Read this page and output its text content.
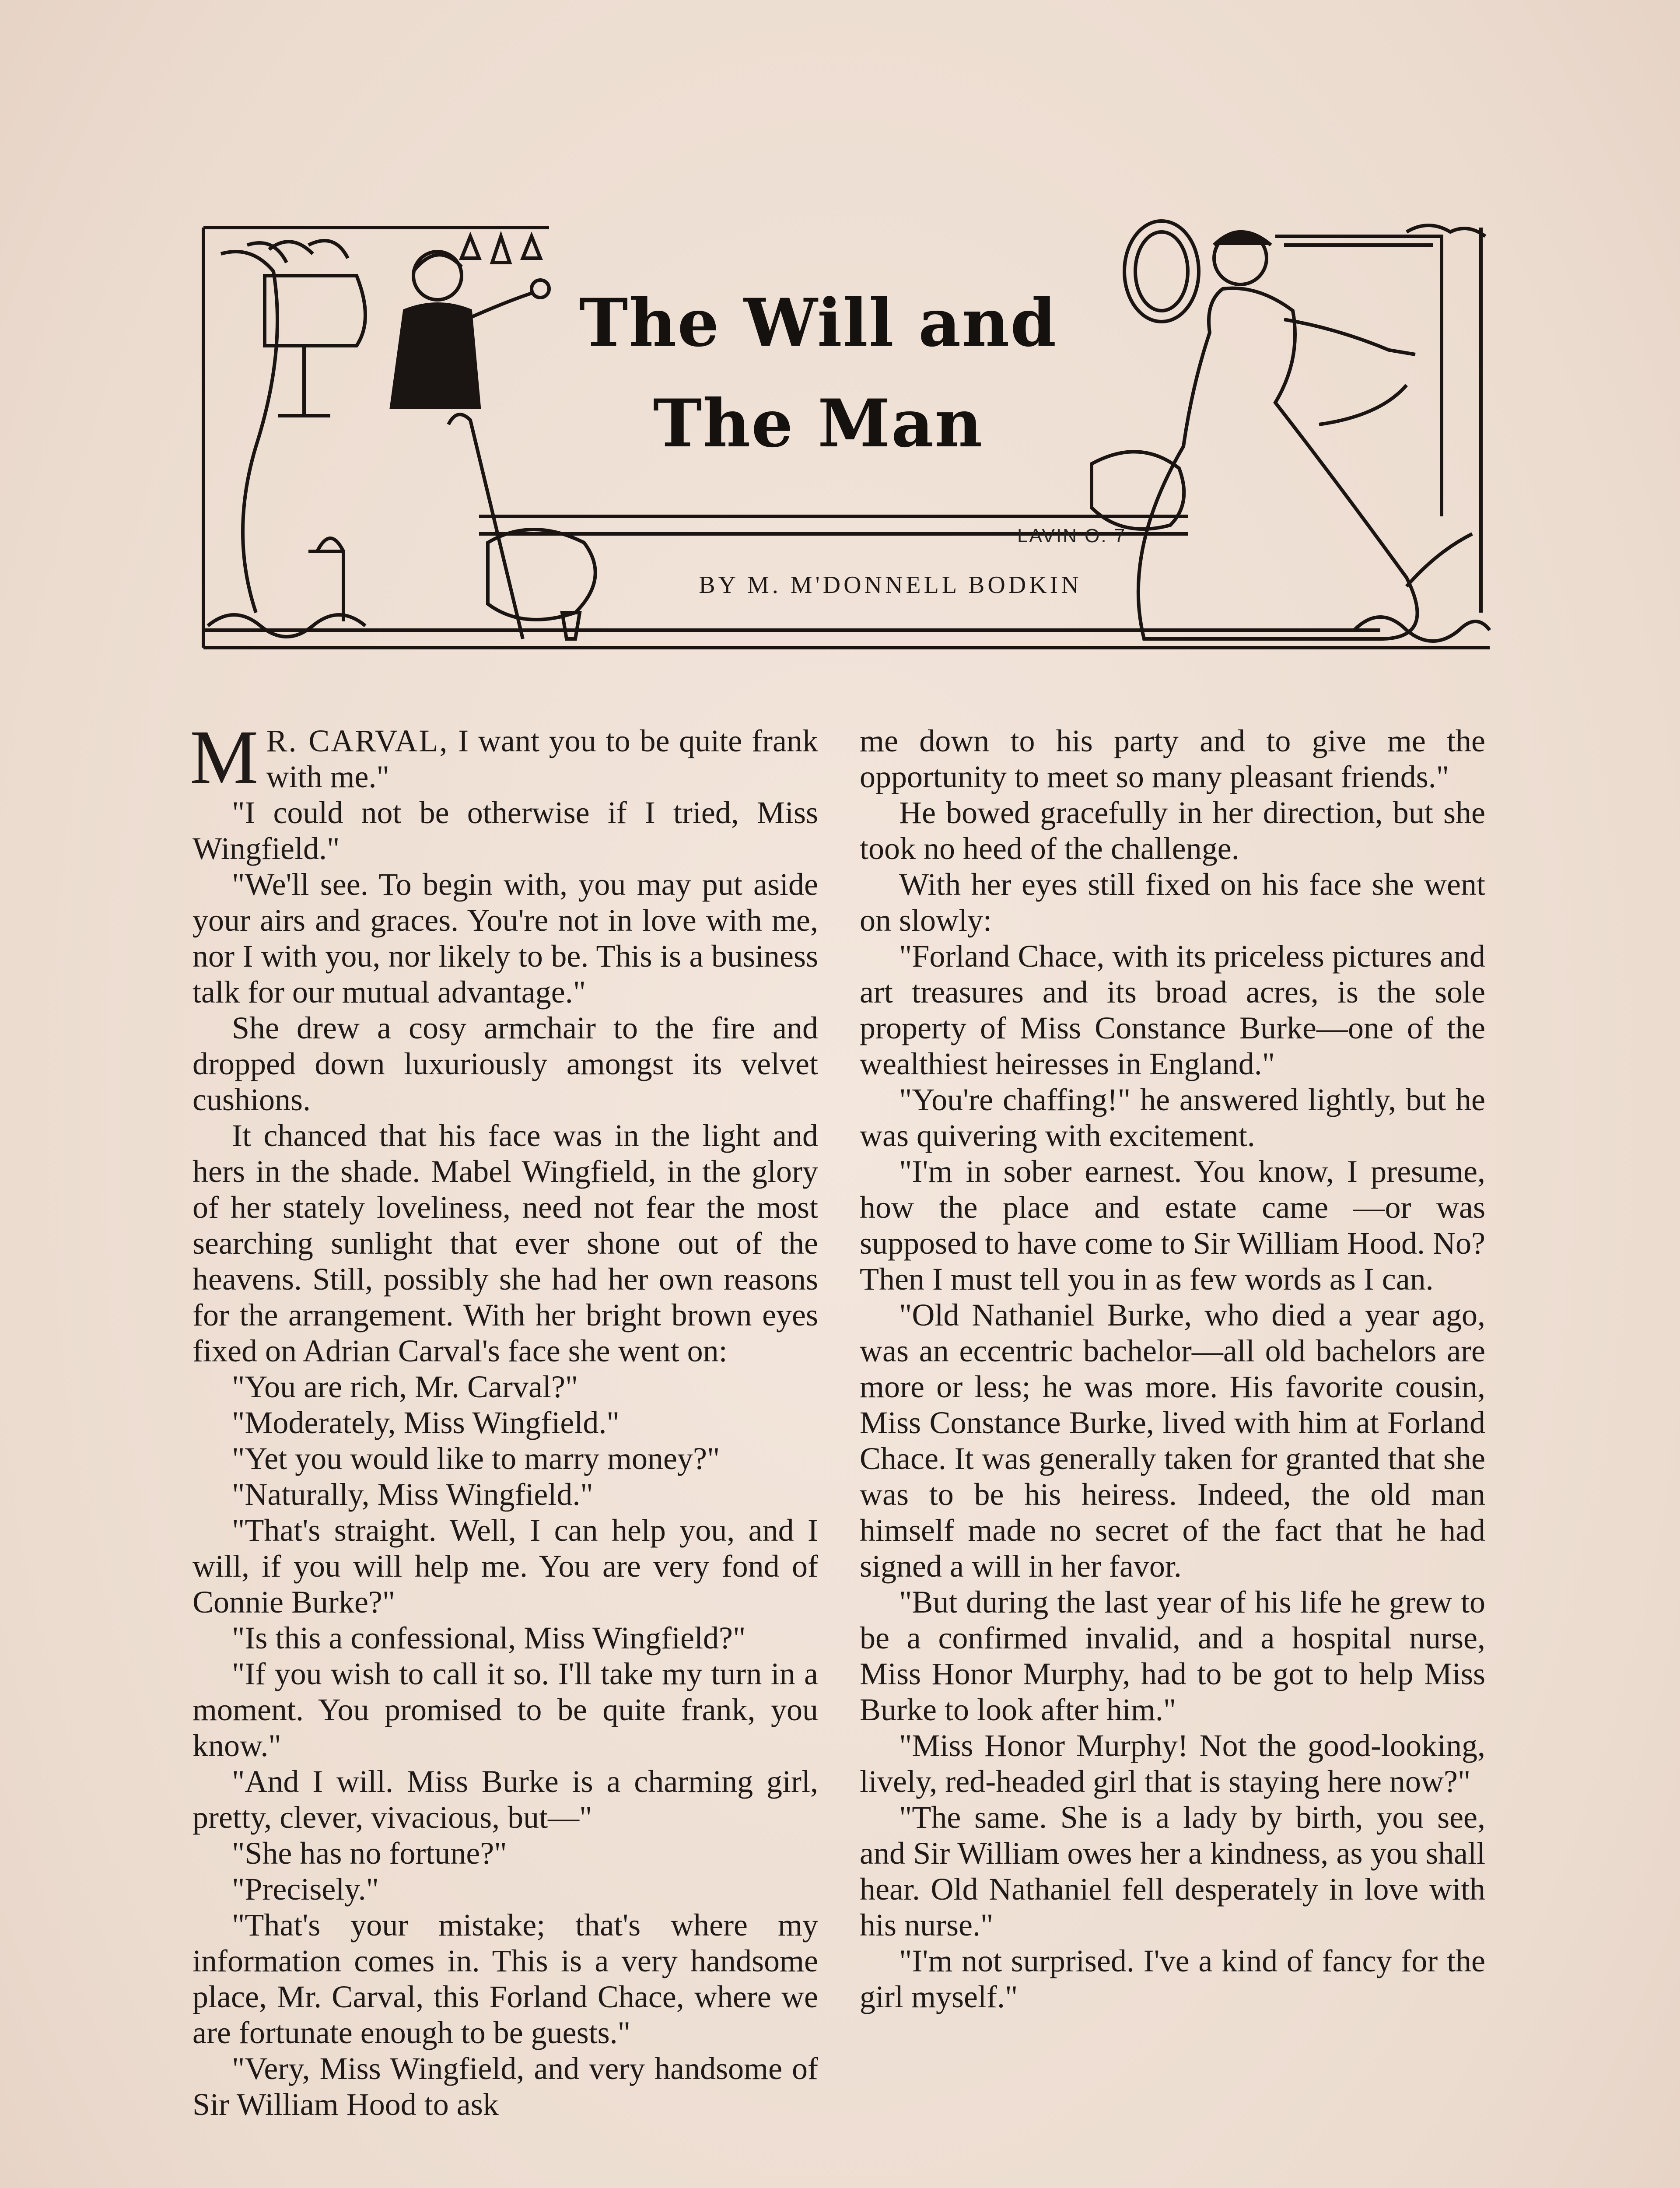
The Will and
The Man
LAVIN O. 7
BY M. M'DONNELL BODKIN

M R. CARVAL, I want you to be quite frank with me."

"I could not be otherwise if I tried, Miss Wingfield."

"We'll see. To begin with, you may put aside your airs and graces. You're not in love with me, nor I with you, nor likely to be. This is a business talk for our mutual advantage."

She drew a cosy armchair to the fire and dropped down luxuriously amongst its velvet cushions.

It chanced that his face was in the light and hers in the shade. Mabel Wingfield, in the glory of her stately loveliness, need not fear the most searching sunlight that ever shone out of the heavens. Still, possibly she had her own reasons for the arrangement. With her bright brown eyes fixed on Adrian Carval's face she went on:

"You are rich, Mr. Carval?"

"Moderately, Miss Wingfield."

"Yet you would like to marry money?"

"Naturally, Miss Wingfield."

"That's straight. Well, I can help you, and I will, if you will help me. You are very fond of Connie Burke?"

"Is this a confessional, Miss Wingfield?"

"If you wish to call it so. I'll take my turn in a moment. You promised to be quite frank, you know."

"And I will. Miss Burke is a charming girl, pretty, clever, vivacious, but—"

"She has no fortune?"

"Precisely."

"That's your mistake; that's where my information comes in. This is a very handsome place, Mr. Carval, this Forland Chace, where we are fortunate enough to be guests."

"Very, Miss Wingfield, and very handsome of Sir William Hood to ask

me down to his party and to give me the opportunity to meet so many pleasant friends."

He bowed gracefully in her direction, but she took no heed of the challenge.

With her eyes still fixed on his face she went on slowly:

"Forland Chace, with its priceless pictures and art treasures and its broad acres, is the sole property of Miss Constance Burke—one of the wealthiest heiresses in England."

"You're chaffing!" he answered lightly, but he was quivering with excitement.

"I'm in sober earnest. You know, I presume, how the place and estate came —or was supposed to have come to Sir William Hood. No? Then I must tell you in as few words as I can.

"Old Nathaniel Burke, who died a year ago, was an eccentric bachelor—all old bachelors are more or less; he was more. His favorite cousin, Miss Constance Burke, lived with him at Forland Chace. It was generally taken for granted that she was to be his heiress. Indeed, the old man himself made no secret of the fact that he had signed a will in her favor.

"But during the last year of his life he grew to be a confirmed invalid, and a hospital nurse, Miss Honor Murphy, had to be got to help Miss Burke to look after him."

"Miss Honor Murphy! Not the good-looking, lively, red-headed girl that is staying here now?"

"The same. She is a lady by birth, you see, and Sir William owes her a kindness, as you shall hear. Old Nathaniel fell desperately in love with his nurse."

"I'm not surprised. I've a kind of fancy for the girl myself."
